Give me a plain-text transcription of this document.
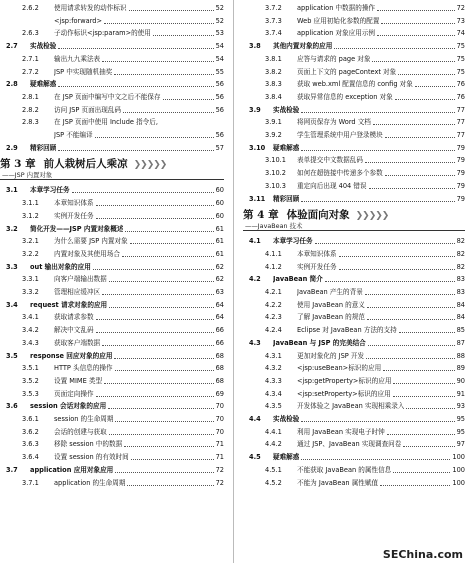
2.6.2	使用请求转发的动作标识	52
<jsp:forward>	52
2.6.3	子动作标识<jsp:param>的使用	53
2.7	实战检验	54
2.7.1	输出九九乘法表	54
2.7.2	JSP 中实现随机抽奖	55
2.8	疑难解惑	56
2.8.1	在 JSP 页面中编写中文之后不能保存	56
2.8.2	访问 JSP 页面出现乱码	56
2.8.3	在 JSP 页面中使用 Include 指令后,
JSP 不能编译	56
2.9	精彩回顾	57
第 3 章 前人栽树后人乘凉 ❯❯❯❯❯
——JSP 内置对象
3.1	本章学习任务	60
3.1.1	本章知识体系	60
3.1.2	实例开发任务	60
3.2	简化开发——JSP 内置对象概述	61
3.2.1	为什么需要 JSP 内置对象	61
3.2.2	内置对象及其使用场合	61
3.3	out 输出对象的应用	62
3.3.1	向客户端输出数据	62
3.3.2	管理相应缓冲区	63
3.4	request 请求对象的应用	64
3.4.1	获取请求参数	64
3.4.2	解决中文乱码	66
3.4.3	获取客户端数据	66
3.5	response 回应对象的应用	68
3.5.1	HTTP 头信息的操作	68
3.5.2	设置 MIME 类型	68
3.5.3	页面定向操作	69
3.6	session 会话对象的应用	70
3.6.1	session 的生命周期	70
3.6.2	会话的创建与获取	70
3.6.3	移除 session 中的数据	71
3.6.4	设置 session 的有效时间	71
3.7	application 应用对象应用	72
3.7.1	application 的生命周期	72
3.7.2	application 中数据的操作	72
3.7.3	Web 应用初始化参数的配置	73
3.7.4	application 对象应用示例	74
3.8	其他内置对象的应用	75
3.8.1	应答与请求的 page 对象	75
3.8.2	页面上下文的 pageContext 对象	75
3.8.3	获取 web.xml 配置信息的 config 对象	76
3.8.4	获取异常信息的 exception 对象	76
3.9	实战检验	77
3.9.1	将网页保存为 Word 文档	77
3.9.2	学生管理系统中用户登录模块	77
3.10	疑难解惑	79
3.10.1	表单提交中文数据乱码	79
3.10.2	如何在超链接中传递多个参数	79
3.10.3	重定向后出现 404 错误	79
3.11	精彩回顾	79
第 4 章 体验面向对象 ❯❯❯❯❯
——JavaBean 技术
4.1	本章学习任务	82
4.1.1	本章知识体系	82
4.1.2	实例开发任务	82
4.2	JavaBean 简介	83
4.2.1	JavaBean 产生的背景	83
4.2.2	使用 JavaBean 的意义	84
4.2.3	了解 JavaBean 的规范	84
4.2.4	Eclipse 对 JavaBean 方法的支持	85
4.3	JavaBean 与 JSP 的完美结合	87
4.3.1	更加对象化的 JSP 开发	88
4.3.2	<jsp:useBean>标识的应用	89
4.3.3	<jsp:getProperty>标识的应用	90
4.3.4	<jsp:setProperty>标识的应用	91
4.3.5	开发体验之 JavaBean 实现相乘录入	93
4.4	实战检验	95
4.4.1	利用 JavaBean 实现电子时钟	95
4.4.2	通过 JSP、JavaBean 实现调查问卷	97
4.5	疑难解惑	100
4.5.1	不能获取 JavaBean 的属性信息	100
4.5.2	不能为 JavaBean 属性赋值	100
SEChina.com
